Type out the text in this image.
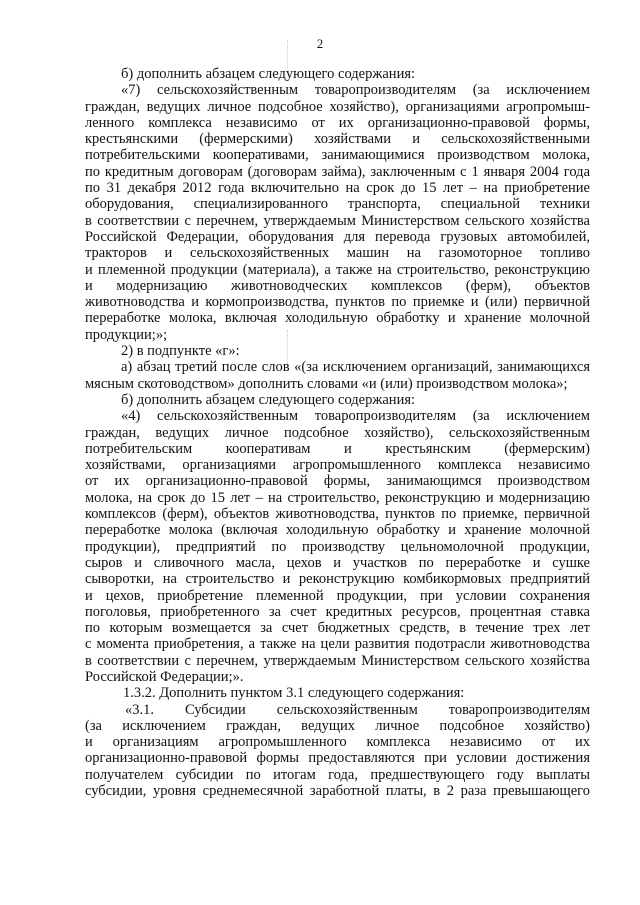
2
б) дополнить абзацем следующего содержания:
«7) сельскохозяйственным товаропроизводителям (за исключением
граждан, ведущих личное подсобное хозяйство), организациями агропромыш-
ленного комплекса независимо от их организационно-правовой формы,
крестьянскими (фермерскими) хозяйствами и сельскохозяйственными
потребительскими кооперативами, занимающимися производством молока,
по кредитным договорам (договорам займа), заключенным с 1 января 2004 года
по 31 декабря 2012 года включительно на срок до 15 лет – на приобретение
оборудования, специализированного транспорта, специальной техники
в соответствии с перечнем, утверждаемым Министерством сельского хозяйства
Российской Федерации, оборудования для перевода грузовых автомобилей,
тракторов и сельскохозяйственных машин на газомоторное топливо
и племенной продукции (материала), а также на строительство, реконструкцию
и модернизацию животноводческих комплексов (ферм), объектов
животноводства и кормопроизводства, пунктов по приемке и (или) первичной
переработке молока, включая холодильную обработку и хранение молочной
продукции;»;
2) в подпункте «г»:
а) абзац третий после слов «(за исключением организаций, занимающихся
мясным скотоводством» дополнить словами «и (или) производством молока»;
б) дополнить абзацем следующего содержания:
«4) сельскохозяйственным товаропроизводителям (за исключением
граждан, ведущих личное подсобное хозяйство), сельскохозяйственным
потребительским кооперативам и крестьянским (фермерским)
хозяйствами, организациями агропромышленного комплекса независимо
от их организационно-правовой формы, занимающимся производством
молока, на срок до 15 лет – на строительство, реконструкцию и модернизацию
комплексов (ферм), объектов животноводства, пунктов по приемке, первичной
переработке молока (включая холодильную обработку и хранение молочной
продукции), предприятий по производству цельномолочной продукции,
сыров и сливочного масла, цехов и участков по переработке и сушке
сыворотки, на строительство и реконструкцию комбикормовых предприятий
и цехов, приобретение племенной продукции, при условии сохранения
поголовья, приобретенного за счет кредитных ресурсов, процентная ставка
по которым возмещается за счет бюджетных средств, в течение трех лет
с момента приобретения, а также на цели развития подотрасли животноводства
в соответствии с перечнем, утверждаемым Министерством сельского хозяйства
Российской Федерации;».
1.3.2. Дополнить пунктом 3.1 следующего содержания:
«3.1. Субсидии сельскохозяйственным товаропроизводителям
(за исключением граждан, ведущих личное подсобное хозяйство)
и организациям агропромышленного комплекса независимо от их
организационно-правовой формы предоставляются при условии достижения
получателем субсидии по итогам года, предшествующего году выплаты
субсидии, уровня среднемесячной заработной платы, в 2 раза превышающего
